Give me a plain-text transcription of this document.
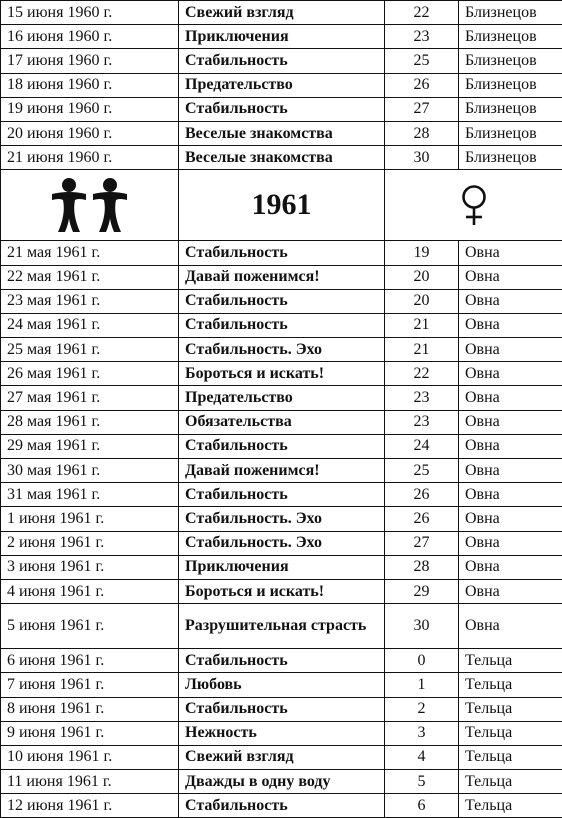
15 июня 1960 г.	Свежий взгляд	22	Близнецов
16 июня 1960 г.	Приключения	23	Близнецов
17 июня 1960 г.	Стабильность	25	Близнецов
18 июня 1960 г.	Предательство	26	Близнецов
19 июня 1960 г.	Стабильность	27	Близнецов
20 июня 1960 г.	Веселые знакомства	28	Близнецов
21 июня 1960 г.	Веселые знакомства	30	Близнецов
	1961	
21 мая 1961 г.	Стабильность	19	Овна
22 мая 1961 г.	Давай поженимся!	20	Овна
23 мая 1961 г.	Стабильность	20	Овна
24 мая 1961 г.	Стабильность	21	Овна
25 мая 1961 г.	Стабильность. Эхо	21	Овна
26 мая 1961 г.	Бороться и искать!	22	Овна
27 мая 1961 г.	Предательство	23	Овна
28 мая 1961 г.	Обязательства	23	Овна
29 мая 1961 г.	Стабильность	24	Овна
30 мая 1961 г.	Давай поженимся!	25	Овна
31 мая 1961 г.	Стабильность	26	Овна
1 июня 1961 г.	Стабильность. Эхо	26	Овна
2 июня 1961 г.	Стабильность. Эхо	27	Овна
3 июня 1961 г.	Приключения	28	Овна
4 июня 1961 г.	Бороться и искать!	29	Овна
5 июня 1961 г.	Разрушительная страсть	30	Овна
6 июня 1961 г.	Стабильность	0	Тельца
7 июня 1961 г.	Любовь	1	Тельца
8 июня 1961 г.	Стабильность	2	Тельца
9 июня 1961 г.	Нежность	3	Тельца
10 июня 1961 г.	Свежий взгляд	4	Тельца
11 июня 1961 г.	Дважды в одну воду	5	Тельца
12 июня 1961 г.	Стабильность	6	Тельца
